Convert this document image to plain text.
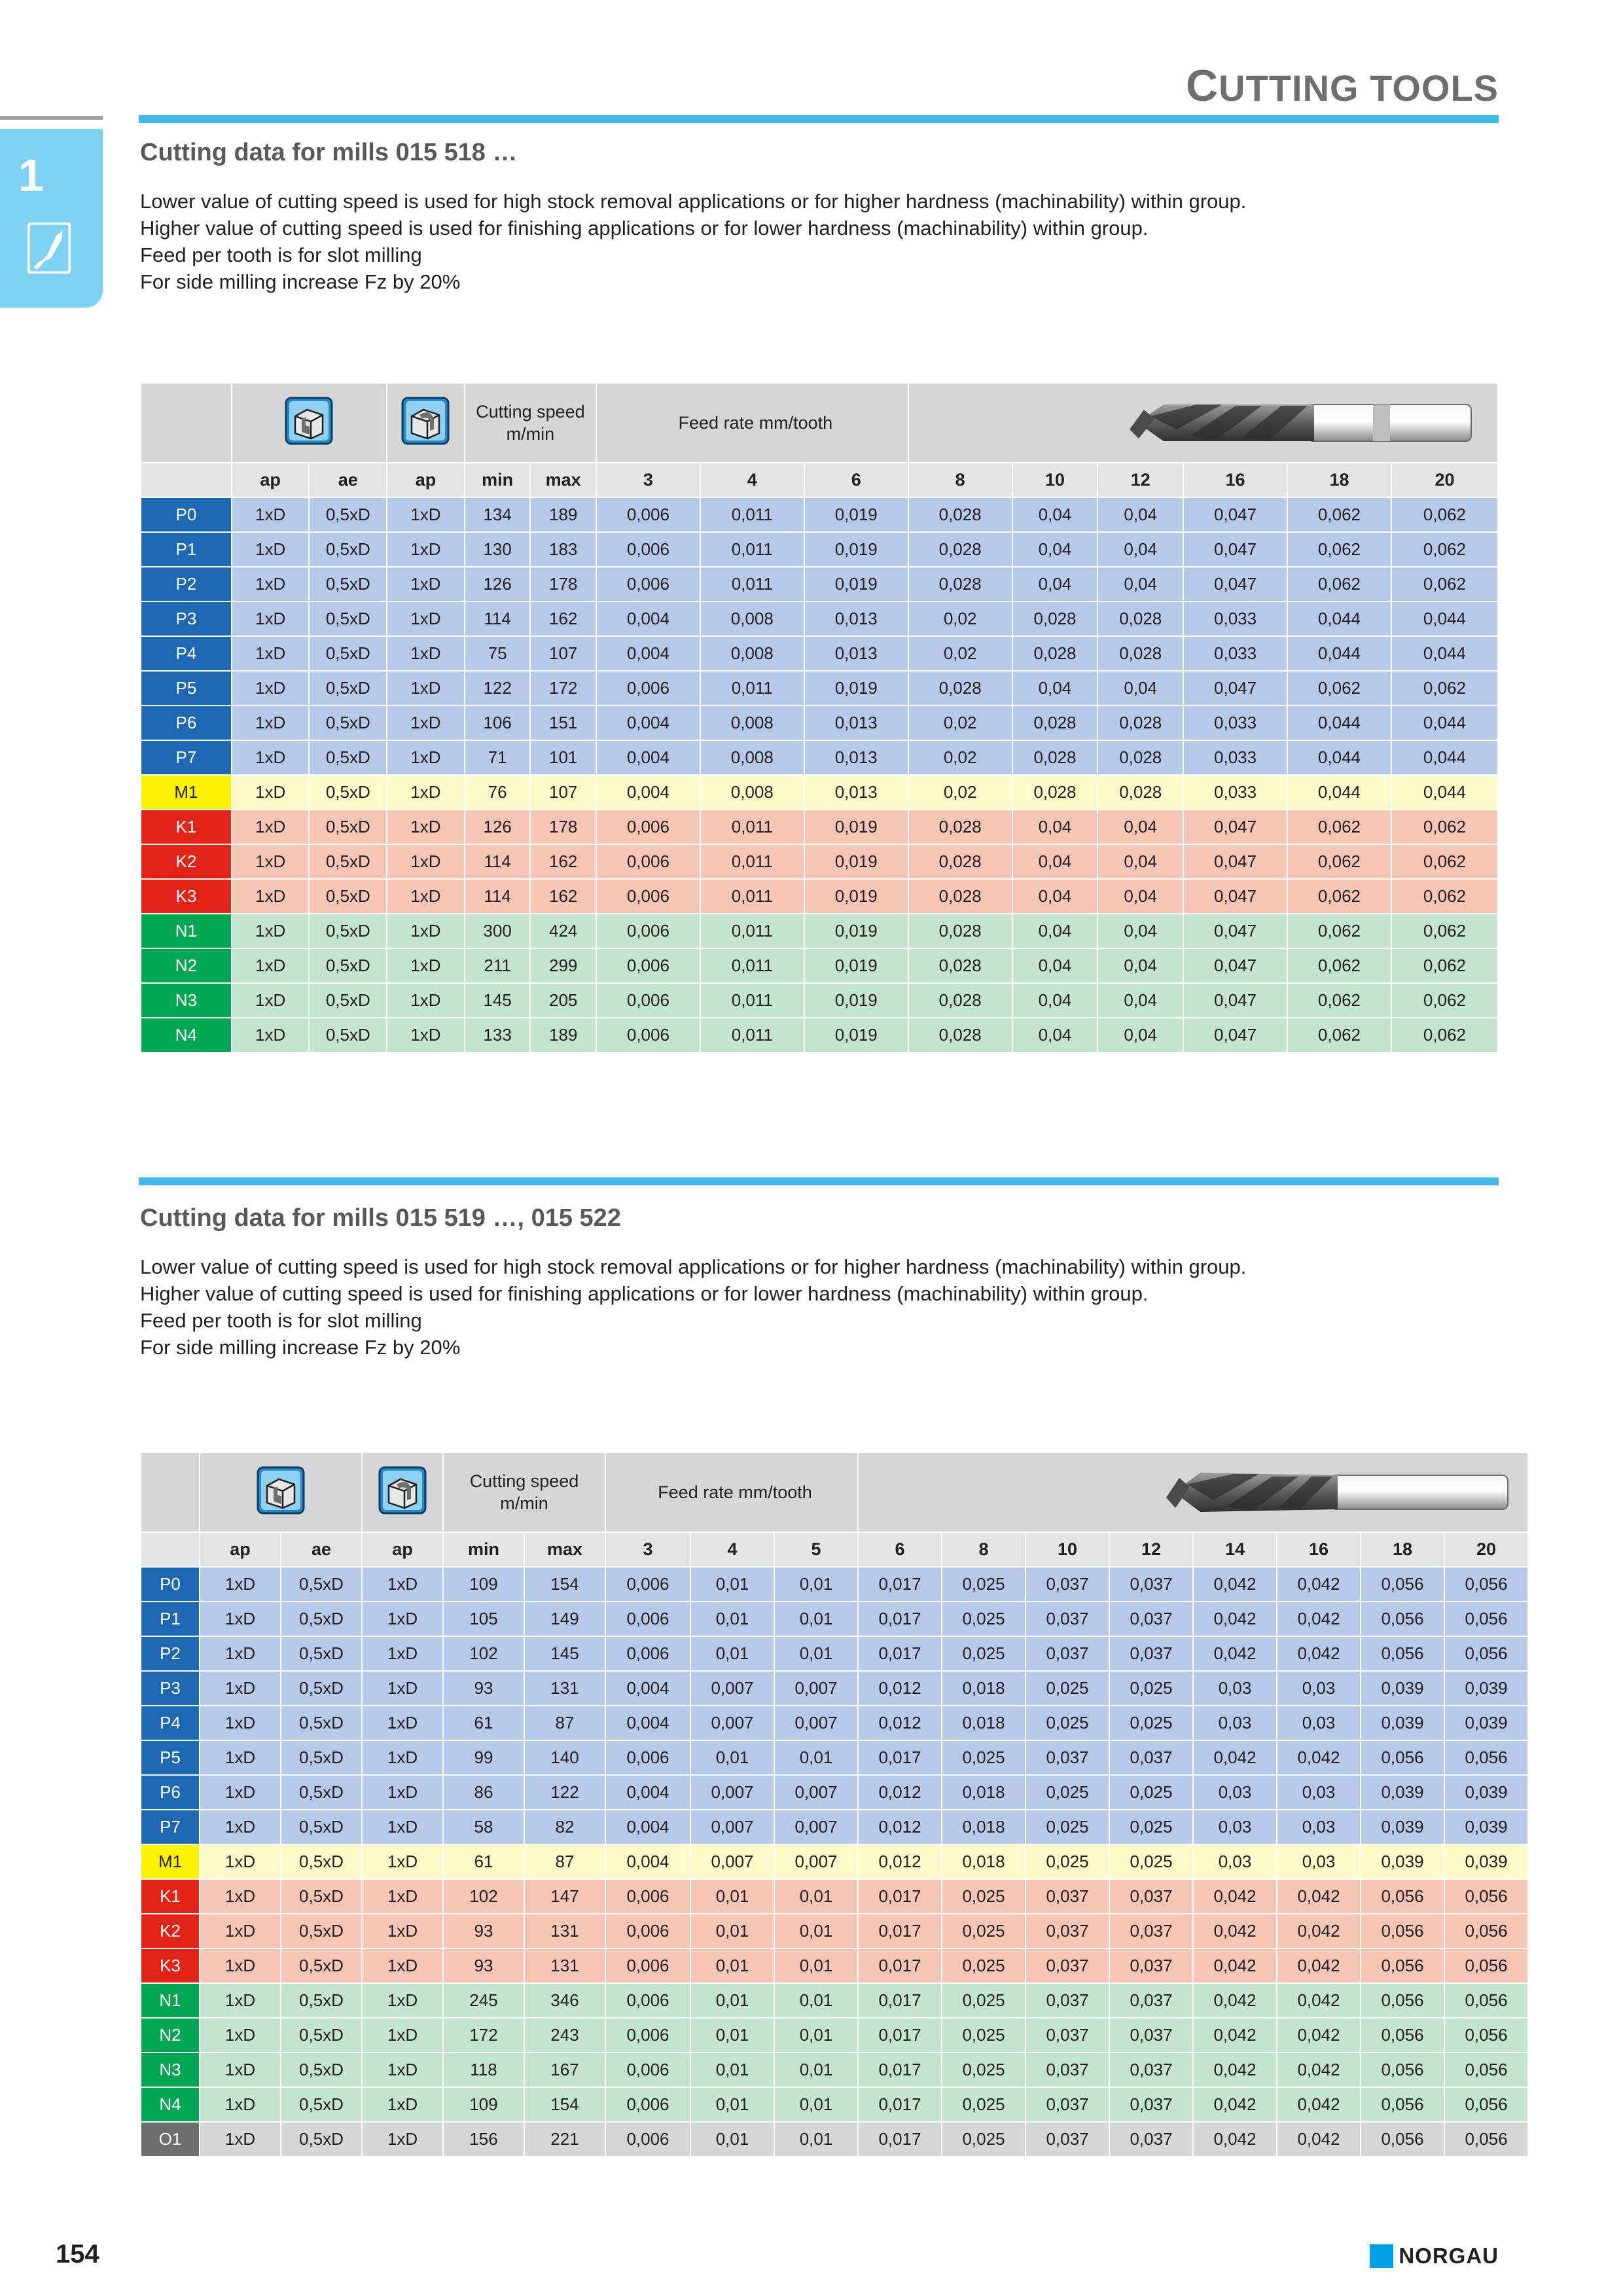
CUTTING TOOLS
1	Cutting data for mills 015 518 …
Lower value of cutting speed is used for high stock removal applications or for higher hardness (machinability) within group.
Higher value of cutting speed is used for finishing applications or for lower hardness (machinability) within group.
Feed per tooth is for slot milling
For side milling increase Fz by 20%
			Cutting speed m/min		Feed rate mm/tooth	

	ap	ae	ap	min	max	3	4	6	8	10	12	16	18	20
P0	1xD	0,5xD	1xD	134	189	0,006	0,011	0,019	0,028	0,04	0,04	0,047	0,062	0,062
P1	1xD	0,5xD	1xD	130	183	0,006	0,011	0,019	0,028	0,04	0,04	0,047	0,062	0,062
P2	1xD	0,5xD	1xD	126	178	0,006	0,011	0,019	0,028	0,04	0,04	0,047	0,062	0,062
P3	1xD	0,5xD	1xD	114	162	0,004	0,008	0,013	0,02	0,028	0,028	0,033	0,044	0,044
P4	1xD	0,5xD	1xD	75	107	0,004	0,008	0,013	0,02	0,028	0,028	0,033	0,044	0,044
P5	1xD	0,5xD	1xD	122	172	0,006	0,011	0,019	0,028	0,04	0,04	0,047	0,062	0,062
P6	1xD	0,5xD	1xD	106	151	0,004	0,008	0,013	0,02	0,028	0,028	0,033	0,044	0,044
P7	1xD	0,5xD	1xD	71	101	0,004	0,008	0,013	0,02	0,028	0,028	0,033	0,044	0,044
M1	1xD	0,5xD	1xD	76	107	0,004	0,008	0,013	0,02	0,028	0,028	0,033	0,044	0,044
K1	1xD	0,5xD	1xD	126	178	0,006	0,011	0,019	0,028	0,04	0,04	0,047	0,062	0,062
K2	1xD	0,5xD	1xD	114	162	0,006	0,011	0,019	0,028	0,04	0,04	0,047	0,062	0,062
K3	1xD	0,5xD	1xD	114	162	0,006	0,011	0,019	0,028	0,04	0,04	0,047	0,062	0,062
N1	1xD	0,5xD	1xD	300	424	0,006	0,011	0,019	0,028	0,04	0,04	0,047	0,062	0,062
N2	1xD	0,5xD	1xD	211	299	0,006	0,011	0,019	0,028	0,04	0,04	0,047	0,062	0,062
N3	1xD	0,5xD	1xD	145	205	0,006	0,011	0,019	0,028	0,04	0,04	0,047	0,062	0,062
N4	1xD	0,5xD	1xD	133	189	0,006	0,011	0,019	0,028	0,04	0,04	0,047	0,062	0,062
Cutting data for mills 015 519 …, 015 522
Lower value of cutting speed is used for high stock removal applications or for higher hardness (machinability) within group.
Higher value of cutting speed is used for finishing applications or for lower hardness (machinability) within group.
Feed per tooth is for slot milling
For side milling increase Fz by 20%
			Cutting speed m/min		Feed rate mm/tooth	

	ap	ae	ap	min	max	3	4	5	6	8	10	12	14	16	18	20
P0	1xD	0,5xD	1xD	109	154	0,006	0,01	0,01	0,017	0,025	0,037	0,037	0,042	0,042	0,056	0,056
P1	1xD	0,5xD	1xD	105	149	0,006	0,01	0,01	0,017	0,025	0,037	0,037	0,042	0,042	0,056	0,056
P2	1xD	0,5xD	1xD	102	145	0,006	0,01	0,01	0,017	0,025	0,037	0,037	0,042	0,042	0,056	0,056
P3	1xD	0,5xD	1xD	93	131	0,004	0,007	0,007	0,012	0,018	0,025	0,025	0,03	0,03	0,039	0,039
P4	1xD	0,5xD	1xD	61	87	0,004	0,007	0,007	0,012	0,018	0,025	0,025	0,03	0,03	0,039	0,039
P5	1xD	0,5xD	1xD	99	140	0,006	0,01	0,01	0,017	0,025	0,037	0,037	0,042	0,042	0,056	0,056
P6	1xD	0,5xD	1xD	86	122	0,004	0,007	0,007	0,012	0,018	0,025	0,025	0,03	0,03	0,039	0,039
P7	1xD	0,5xD	1xD	58	82	0,004	0,007	0,007	0,012	0,018	0,025	0,025	0,03	0,03	0,039	0,039
M1	1xD	0,5xD	1xD	61	87	0,004	0,007	0,007	0,012	0,018	0,025	0,025	0,03	0,03	0,039	0,039
K1	1xD	0,5xD	1xD	102	147	0,006	0,01	0,01	0,017	0,025	0,037	0,037	0,042	0,042	0,056	0,056
K2	1xD	0,5xD	1xD	93	131	0,006	0,01	0,01	0,017	0,025	0,037	0,037	0,042	0,042	0,056	0,056
K3	1xD	0,5xD	1xD	93	131	0,006	0,01	0,01	0,017	0,025	0,037	0,037	0,042	0,042	0,056	0,056
N1	1xD	0,5xD	1xD	245	346	0,006	0,01	0,01	0,017	0,025	0,037	0,037	0,042	0,042	0,056	0,056
N2	1xD	0,5xD	1xD	172	243	0,006	0,01	0,01	0,017	0,025	0,037	0,037	0,042	0,042	0,056	0,056
N3	1xD	0,5xD	1xD	118	167	0,006	0,01	0,01	0,017	0,025	0,037	0,037	0,042	0,042	0,056	0,056
N4	1xD	0,5xD	1xD	109	154	0,006	0,01	0,01	0,017	0,025	0,037	0,037	0,042	0,042	0,056	0,056
O1	1xD	0,5xD	1xD	156	221	0,006	0,01	0,01	0,017	0,025	0,037	0,037	0,042	0,042	0,056	0,056
154	NORGAU
